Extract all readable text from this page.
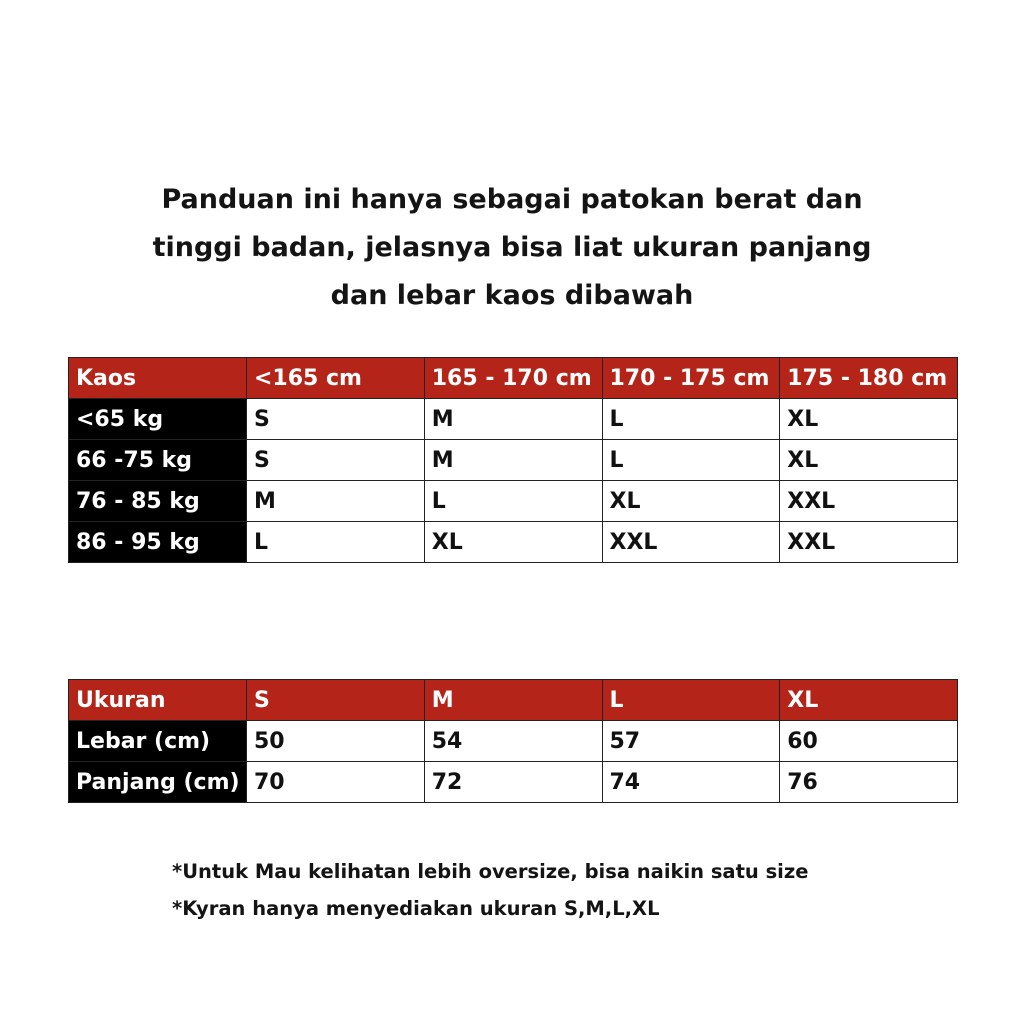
Panduan ini hanya sebagai patokan berat dan
tinggi badan, jelasnya bisa liat ukuran panjang
dan lebar kaos dibawah
Kaos	<165 cm	165 - 170 cm	170 - 175 cm	175 - 180 cm
<65 kg	S	M	L	XL
66 -75 kg	S	M	L	XL
76 - 85 kg	M	L	XL	XXL
86 - 95 kg	L	XL	XXL	XXL
Ukuran	S	M	L	XL
Lebar (cm)	50	54	57	60
Panjang (cm)	70	72	74	76
*Untuk Mau kelihatan lebih oversize, bisa naikin satu size
*Kyran hanya menyediakan ukuran S,M,L,XL
